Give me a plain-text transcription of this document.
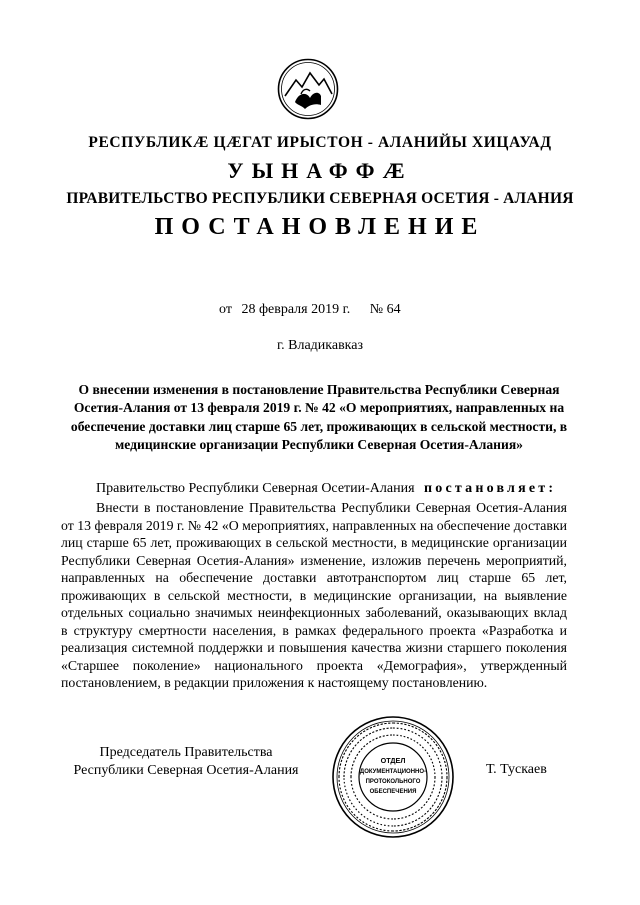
РЕСПУБЛИКӔ ЦӔГАТ ИРЫСТОН - АЛАНИЙЫ ХИЦАУАД
УЫНАФФӔ
ПРАВИТЕЛЬСТВО РЕСПУБЛИКИ СЕВЕРНАЯ ОСЕТИЯ - АЛАНИЯ
ПОСТАНОВЛЕНИЕ
от 28 февраля 2019 г. № 64
г. Владикавказ
О внесении изменения в постановление Правительства Республики Северная Осетия-Алания от 13 февраля 2019 г. № 42 «О мероприятиях, направленных на обеспечение доставки лиц старше 65 лет, проживающих в сельской местности, в медицинские организации Республики Северная Осетия-Алания»
Правительство Республики Северная Осетии-Алания постановляет:
Внести в постановление Правительства Республики Северная Осетия-Алания от 13 февраля 2019 г. № 42 «О мероприятиях, направленных на обеспечение доставки лиц старше 65 лет, проживающих в сельской местности, в медицинские организации Республики Северная Осетия-Алания» изменение, изложив перечень мероприятий, направленных на обеспечение доставки автотранспортом лиц старше 65 лет, проживающих в сельской местности, в медицинские организации, на выявление отдельных социально значимых неинфекционных заболеваний, оказывающих вклад в структуру смертности населения, в рамках федерального проекта «Разработка и реализация системной поддержки и повышения качества жизни старшего поколения «Старшее поколение» национального проекта «Демография», утвержденный постановлением, в редакции приложения к настоящему постановлению.
Председатель Правительства
Республики Северная Осетия-Алания
ОТДЕЛ
ДОКУМЕНТАЦИОННО-
ПРОТОКОЛЬНОГО
ОБЕСПЕЧЕНИЯ
Т. Тускаев
